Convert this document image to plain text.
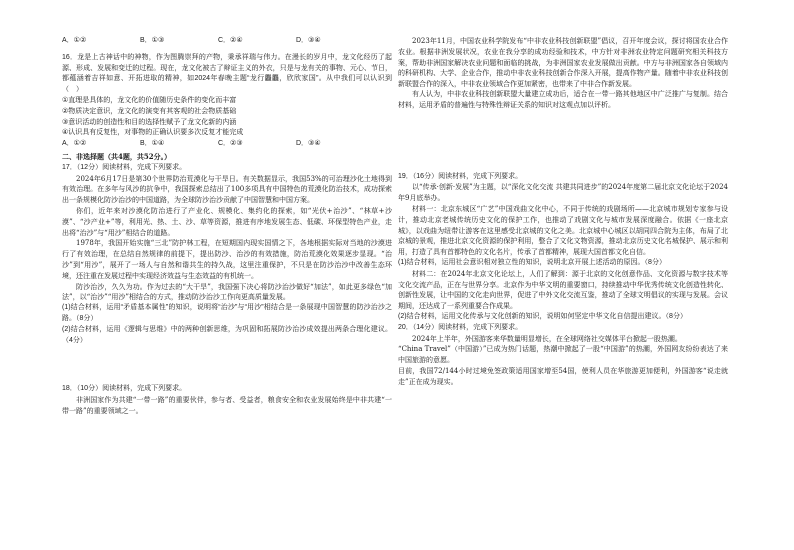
A．①②	B．①③	C．②④	D．③④

16．龙是上古神话中的神物，作为图腾崇拜的产物，秉承祥瑞与伟力。在漫长的岁月中，龙文化经历了起源、形成、发展和变迁的过程。现在，龙文化被古了辩证主义的外衣，只是与龙有关的事物、元心、节日，都蕴涵着吉祥如意、开拓进取的精神，如2024年春晚主题“龙行龘龘，欣欣家国”。从中我们可以认识到（　）

①直理是具体的，龙文化的价值随历史条件的变化而丰富

②物质决定意识，龙文化的演变有其客观的社会物质基础

③意识活动的创造性和目的选择性赋予了龙文化新的内涵

④认识具有反复性，对事物的正确认识要多次反复才能完成

A．①②	B．①④	C．②③	D．③④

二、非选择题（共4题，共52分。）

17．（12分）阅读材料，完成下列要求。

2024年6月17日是第30个世界防治荒漠化与干旱日。有关数据显示，我国53%的可治理沙化土地得到有效治理。在多年与风沙的抗争中，我国探索总结出了100多项具有中国特色的荒漠化防治技术，成功探索出一条规模化防沙治沙的中国道路，为全球防沙治沙贡献了中国智慧和中国方案。

你们，近年来对沙漠化防治进行了产业化、规模化、集约化的探索，如“光伏+治沙”、“林草+沙漠”、“沙产业+”等，利用光、热、土、沙、草等资源，推进有序地发展生态、低碳、环保型特色产业，走出将“治沙”与“用沙”相结合的道路。

1978年，我国开始实施“三北”防护林工程，在短期国内现实国情之下，各地根据实际对当地的沙漠进行了有效治理，在总结自然规律的前提下，提出防沙、治沙的有效措施，防治荒漠化效果逐步显现。“治沙”到“用沙”，展开了一场人与自然和谐共生的持久战，这里注重保护，不只是在防沙治沙中改善生态环境，还注重在发展过程中实现经济效益与生态效益的有机统一。

防沙治沙，久久为功。作为过去的“大干旱”，我国强下决心将防沙治沙做好“加法”，如此更多绿色“加法”，以“治沙”“用沙”相结合的方式，推动防沙治沙工作向更高质量发展。

(1)结合材料，运用“矛盾基本属性”的知识，说明将“治沙”与“用沙”相结合是一条展现中国智慧的防沙治沙之路。（8分）

(2)结合材料，运用《逻辑与思维》中的两种创新思维，为巩固和拓展防沙治沙成效提出两条合理化建议。（4分）

18．（10分）阅读材料，完成下列要求。

非洲国家作为共建“一带一路”的重要伙伴，参与者、受益者，粮食安全和农业发展始终是中非共建“一带一路”的重要领域之一。

2023年11月，中国农业科学院发布“中非农业科技创新联盟”倡议，召开年度会议，探讨将国农业合作农业。根据非洲发展状况，农业在我分享的成功经验和技术，中方针对非洲农业特定问题研究相关科技方案，帮助非洲国家解决农业问题和面临的挑战，为非洲国家农业发展做出贡献。中方与非洲国家各自领域内的科研机构、大学、企业合作，推动中非农业科技创新合作深入开展，提高作物产量。随着中非农业科技创新联盟合作的深入，中非农业领域合作更加紧密，也带来了中非合作新发展。

有人认为，中非农业科技创新联盟大量建立成功后，适合在一带一路其他地区中广泛推广与复制。结合材料，运用矛盾的普遍性与特殊性辩证关系的知识对这观点加以评析。

19．（16分）阅读材料，完成下列要求。

以“传承·创新·发展”为主题，以“深化文化交流 共建共同进步”的2024年度第二届北京文化论坛于2024年9月底举办。

材料一：北京东城区“广艺”中国戏曲文化中心，不同于传统的戏剧场所——北京城市规划专家参与设计，推动北京老城传统历史文化的保护工作，也推动了戏剧文化与城市发展深度融合。依据《一座北京城》，以戏曲为纽带让游客在这里感受北京城的文化之美。北京城中心城区以胡同四合院为主体，布局了北京城的景观，推进北京文化资源的保护利用，整合了文化文物资源，推动北京历史文化名城保护、展示和利用，打造了具有首都特色的文化名片，传承了首都精神，展现大国首都文化自信。

(1)结合材料，运用社会意识相对独立性的知识，说明北京开展上述活动的原因。（8分）

材料二：在2024年北京文化论坛上，人们了解到：源于北京的文化创意作品、文化资源与数字技术等文化交流产品，正在与世界分享。北京作为中华文明的重要窗口，持续推动中华优秀传统文化创造性转化、创新性发展，让中国的文化走向世界，促进了中外文化交流互鉴，推动了全球文明倡议的实现与发展。会议期间，还达成了一系列重要合作成果。

(2)结合材料，运用文化传承与文化创新的知识，说明如何坚定中华文化自信提出建议。（8分）

20．（14分）阅读材料，完成下列要求。

2024年上半年，外国游客来华数量明显增长，在全球网络社交媒体平台掀起一股热潮。

“China Travel”（中国游）”已成为热门话题，热潮中掀起了一股“中国游”的热潮，外国网友纷纷表达了来中国旅游的意愿。

目前，我国72/144小时过境免签政策适用国家增至54国，使利人员在华旅游更加便利，外国游客“说走就走”正在成为现实。
